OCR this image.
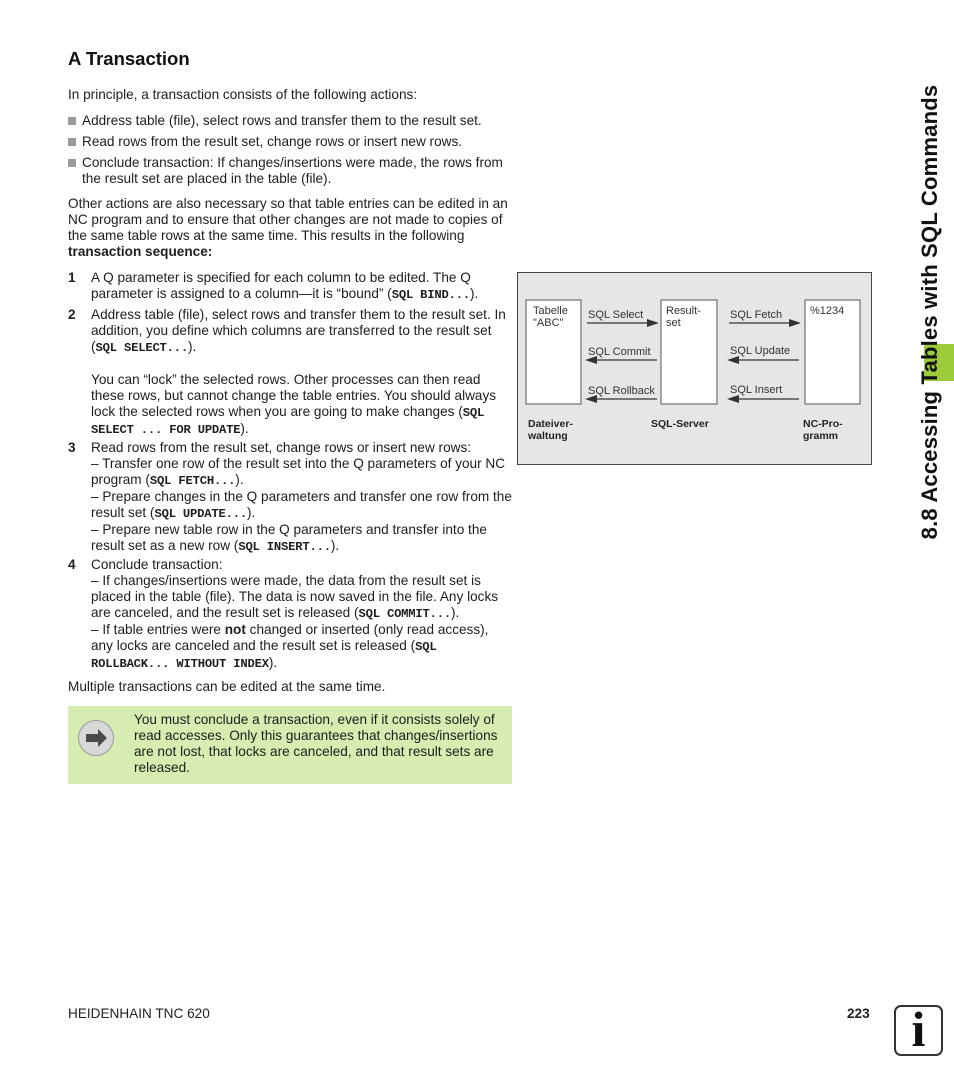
A Transaction
In principle, a transaction consists of the following actions:
Address table (file), select rows and transfer them to the result set.
Read rows from the result set, change rows or insert new rows.
Conclude transaction: If changes/insertions were made, the rows from the result set are placed in the table (file).
Other actions are also necessary so that table entries can be edited in an NC program and to ensure that other changes are not made to copies of the same table rows at the same time. This results in the following transaction sequence:
1 A Q parameter is specified for each column to be edited. The Q parameter is assigned to a column—it is “bound” (SQL BIND...).
2 Address table (file), select rows and transfer them to the result set. In addition, you define which columns are transferred to the result set (SQL SELECT...).
You can “lock” the selected rows. Other processes can then read these rows, but cannot change the table entries. You should always lock the selected rows when you are going to make changes (SQL SELECT ... FOR UPDATE).
3 Read rows from the result set, change rows or insert new rows:
– Transfer one row of the result set into the Q parameters of your NC program (SQL FETCH...).
– Prepare changes in the Q parameters and transfer one row from the result set (SQL UPDATE...).
– Prepare new table row in the Q parameters and transfer into the result set as a new row (SQL INSERT...).
4 Conclude transaction:
– If changes/insertions were made, the data from the result set is placed in the table (file). The data is now saved in the file. Any locks are canceled, and the result set is released (SQL COMMIT...).
– If table entries were not changed or inserted (only read access), any locks are canceled and the result set is released (SQL ROLLBACK... WITHOUT INDEX).
Multiple transactions can be edited at the same time.
You must conclude a transaction, even if it consists solely of read accesses. Only this guarantees that changes/insertions are not lost, that locks are canceled, and that result sets are released.
Tabelle
"ABC"
Result-
set
%1234
SQL Select
SQL Commit
SQL Rollback
SQL Fetch
SQL Update
SQL Insert
Dateiver-
waltung
SQL-Server	NC-Pro-
gramm	8.8 Accessing Tables with SQL Commands
HEIDENHAIN TNC 620	223 i
